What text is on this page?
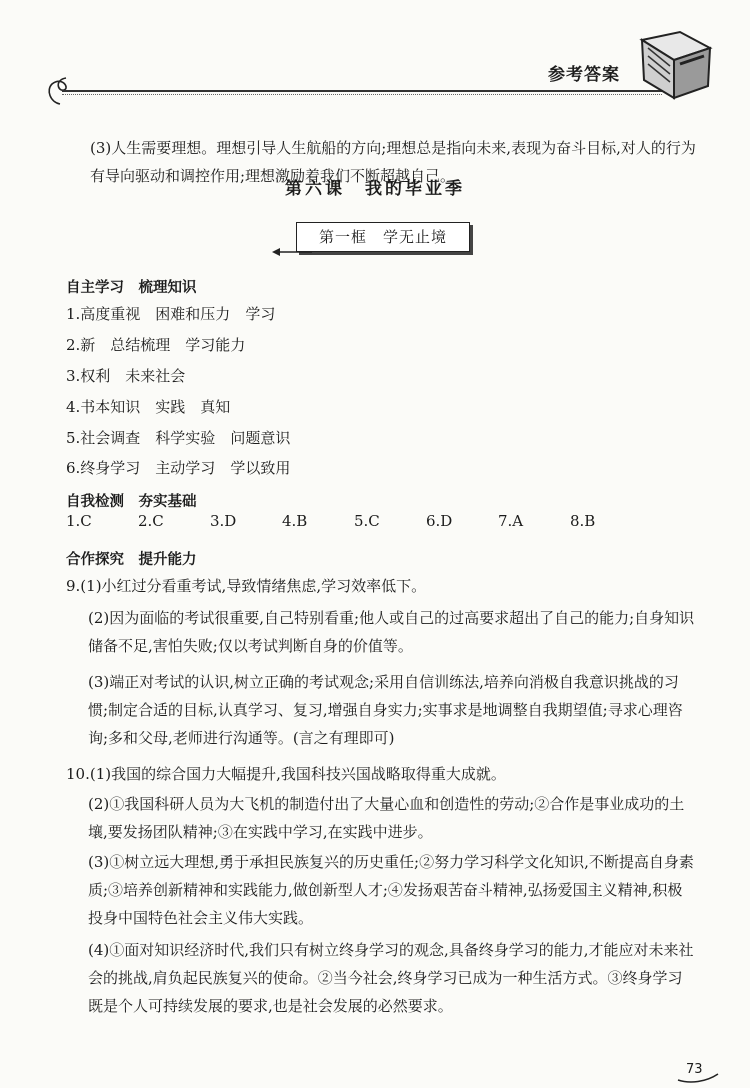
参考答案
(3)人生需要理想。理想引导人生航船的方向;理想总是指向未来,表现为奋斗目标,对人的行为有导向驱动和调控作用;理想激励着我们不断超越自己。
第六课　我的毕业季
第一框　学无止境
自主学习　梳理知识
1.高度重视　困难和压力　学习
2.新　总结梳理　学习能力
3.权利　未来社会
4.书本知识　实践　真知
5.社会调查　科学实验　问题意识
6.终身学习　主动学习　学以致用
自我检测　夯实基础
1.C	2.C	3.D	4.B	5.C	6.D	7.A	8.B
合作探究　提升能力
9.(1)小红过分看重考试,导致情绪焦虑,学习效率低下。
(2)因为面临的考试很重要,自己特别看重;他人或自己的过高要求超出了自己的能力;自身知识储备不足,害怕失败;仅以考试判断自身的价值等。
(3)端正对考试的认识,树立正确的考试观念;采用自信训练法,培养向消极自我意识挑战的习惯;制定合适的目标,认真学习、复习,增强自身实力;实事求是地调整自我期望值;寻求心理咨询;多和父母,老师进行沟通等。(言之有理即可)
10.(1)我国的综合国力大幅提升,我国科技兴国战略取得重大成就。
(2)①我国科研人员为大飞机的制造付出了大量心血和创造性的劳动;②合作是事业成功的土壤,要发扬团队精神;③在实践中学习,在实践中进步。
(3)①树立远大理想,勇于承担民族复兴的历史重任;②努力学习科学文化知识,不断提高自身素质;③培养创新精神和实践能力,做创新型人才;④发扬艰苦奋斗精神,弘扬爱国主义精神,积极投身中国特色社会主义伟大实践。
(4)①面对知识经济时代,我们只有树立终身学习的观念,具备终身学习的能力,才能应对未来社会的挑战,肩负起民族复兴的使命。②当今社会,终身学习已成为一种生活方式。③终身学习既是个人可持续发展的要求,也是社会发展的必然要求。
73
